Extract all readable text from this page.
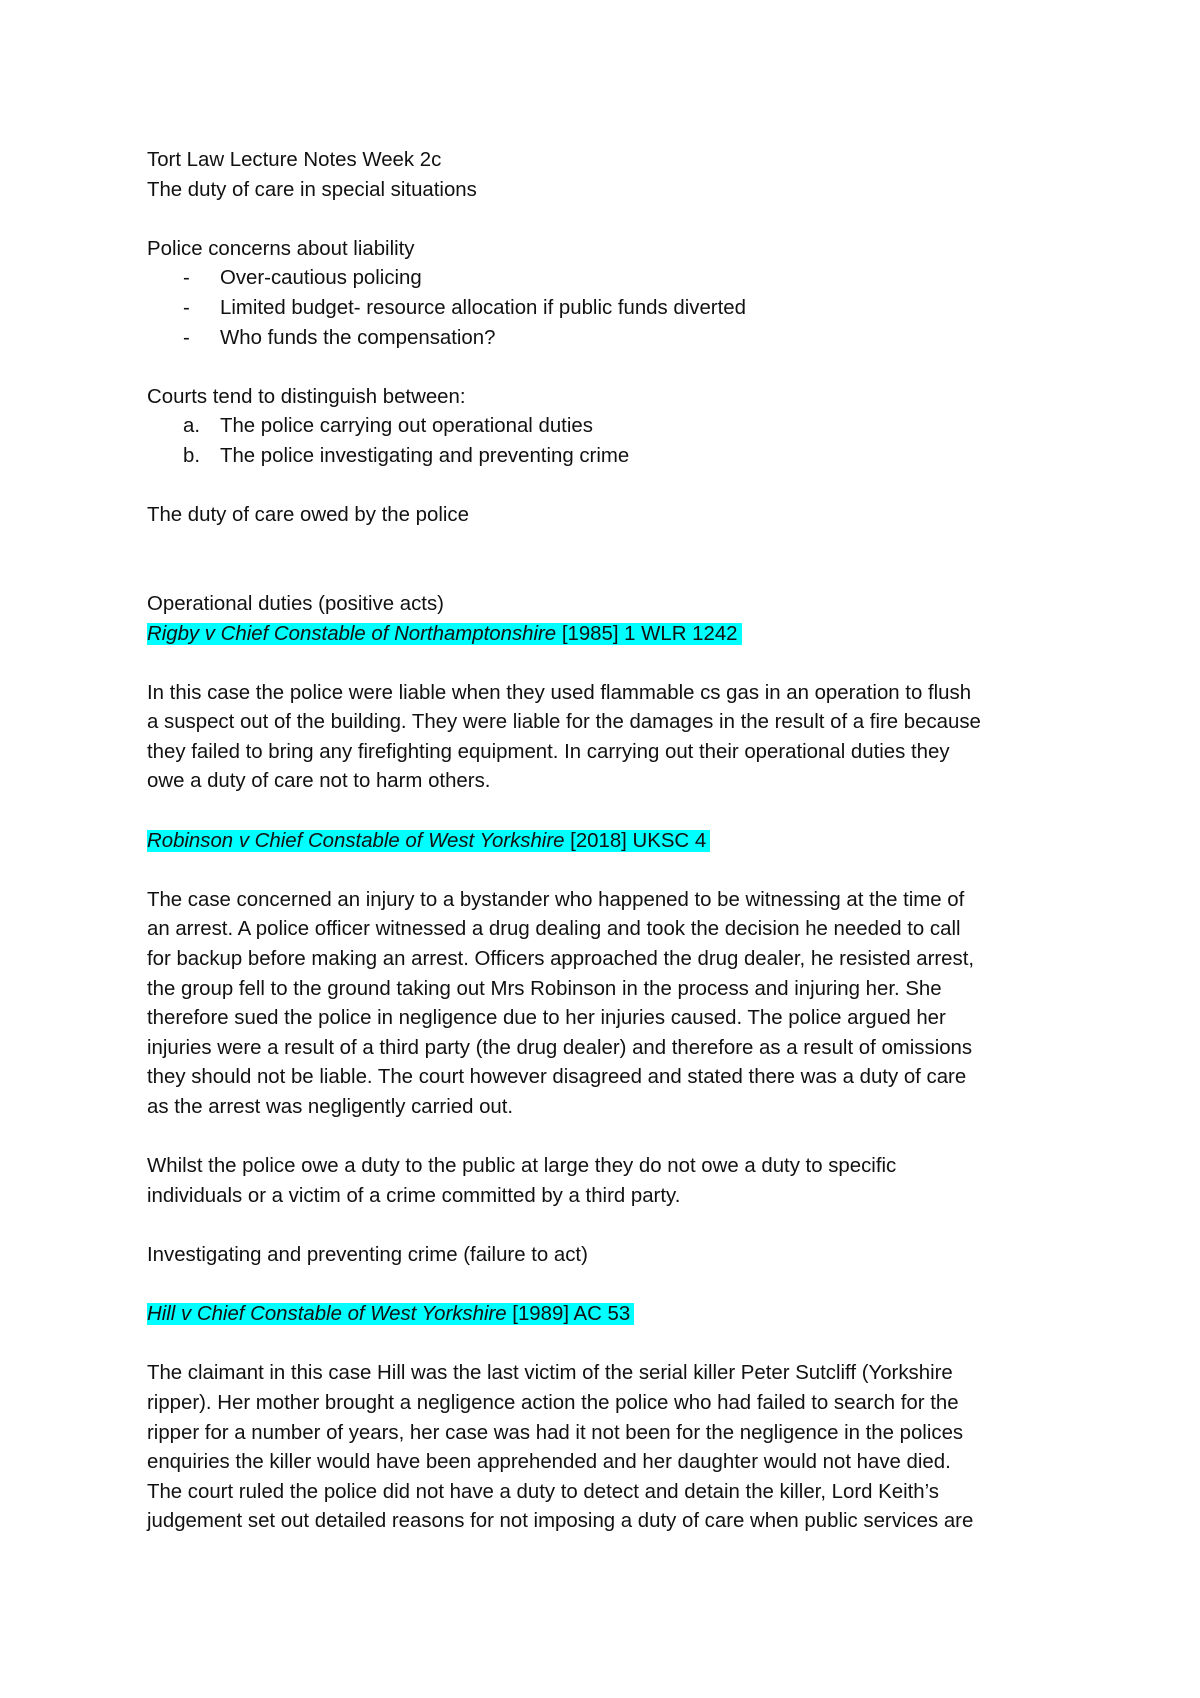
Tort Law Lecture Notes Week 2c

The duty of care in special situations

Police concerns about liability

- Over-cautious policing
- Limited budget- resource allocation if public funds diverted
- Who funds the compensation?

Courts tend to distinguish between:

a. The police carrying out operational duties
b. The police investigating and preventing crime

The duty of care owed by the police

Operational duties (positive acts)

Rigby v Chief Constable of Northamptonshire [1985] 1 WLR 1242

In this case the police were liable when they used flammable cs gas in an operation to flush

a suspect out of the building. They were liable for the damages in the result of a fire because

they failed to bring any firefighting equipment. In carrying out their operational duties they

owe a duty of care not to harm others.

Robinson v Chief Constable of West Yorkshire [2018] UKSC 4

The case concerned an injury to a bystander who happened to be witnessing at the time of

an arrest. A police officer witnessed a drug dealing and took the decision he needed to call

for backup before making an arrest. Officers approached the drug dealer, he resisted arrest,

the group fell to the ground taking out Mrs Robinson in the process and injuring her. She

therefore sued the police in negligence due to her injuries caused. The police argued her

injuries were a result of a third party (the drug dealer) and therefore as a result of omissions

they should not be liable. The court however disagreed and stated there was a duty of care

as the arrest was negligently carried out.

Whilst the police owe a duty to the public at large they do not owe a duty to specific

individuals or a victim of a crime committed by a third party.

Investigating and preventing crime (failure to act)

Hill v Chief Constable of West Yorkshire [1989] AC 53

The claimant in this case Hill was the last victim of the serial killer Peter Sutcliff (Yorkshire

ripper). Her mother brought a negligence action the police who had failed to search for the

ripper for a number of years, her case was had it not been for the negligence in the polices

enquiries the killer would have been apprehended and her daughter would not have died.

The court ruled the police did not have a duty to detect and detain the killer, Lord Keith’s

judgement set out detailed reasons for not imposing a duty of care when public services are
